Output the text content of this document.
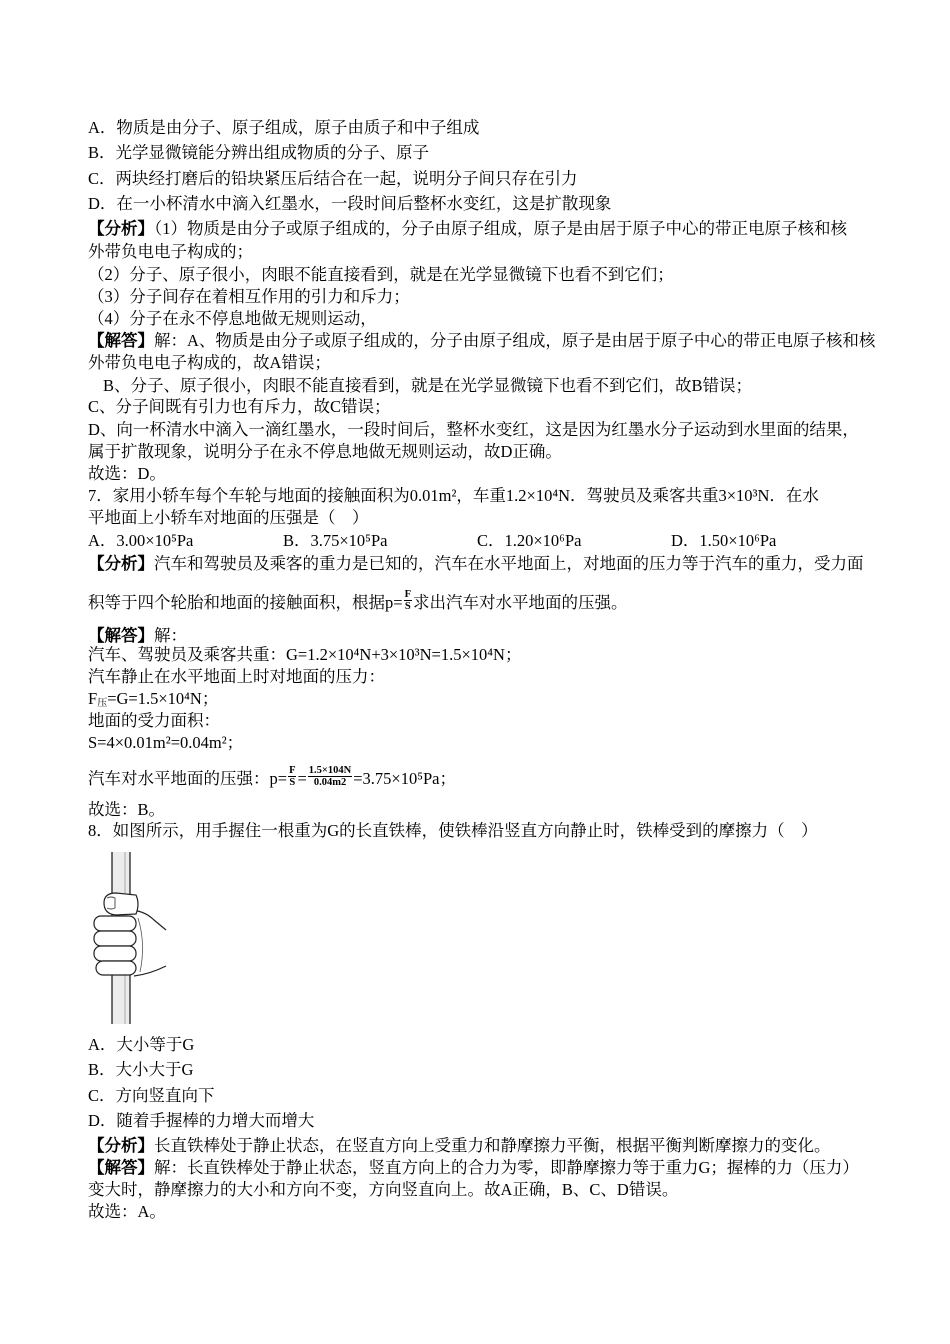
A．物质是由分子、原子组成，原子由质子和中子组成
B．光学显微镜能分辨出组成物质的分子、原子
C．两块经打磨后的铅块紧压后结合在一起，说明分子间只存在引力
D．在一小杯清水中滴入红墨水，一段时间后整杯水变红，这是扩散现象
【分析】（1）物质是由分子或原子组成的，分子由原子组成，原子是由居于原子中心的带正电原子核和核
外带负电电子构成的；
（2）分子、原子很小，肉眼不能直接看到，就是在光学显微镜下也看不到它们；
（3）分子间存在着相互作用的引力和斥力；
（4）分子在永不停息地做无规则运动，
【解答】解：A、物质是由分子或原子组成的，分子由原子组成，原子是由居于原子中心的带正电原子核和核
外带负电电子构成的，故A错误；
B、分子、原子很小，肉眼不能直接看到，就是在光学显微镜下也看不到它们，故B错误；
C、分子间既有引力也有斥力，故C错误；
D、向一杯清水中滴入一滴红墨水，一段时间后，整杯水变红，这是因为红墨水分子运动到水里面的结果，
属于扩散现象，说明分子在永不停息地做无规则运动，故D正确。
故选：D。
7．家用小轿车每个车轮与地面的接触面积为0.01m²，车重1.2×10⁴N．驾驶员及乘客共重3×10³N．在水
平地面上小轿车对地面的压强是（    ）
A．3.00×10⁵Pa	B．3.75×10⁵Pa	C．1.20×10⁶Pa	D．1.50×10⁶Pa
【分析】汽车和驾驶员及乘客的重力是已知的，汽车在水平地面上，对地面的压力等于汽车的重力，受力面
积等于四个轮胎和地面的接触面积，根据$p= \frac{F}{S}$ 求出汽车对水平地面的压强。
【解答】解：
汽车、驾驶员及乘客共重：G=1.2×10⁴N+3×10³N=1.5×10⁴N；
汽车静止在水平地面上时对地面的压力：
$F_压=G=1.5\times 10^4N$；
地面的受力面积：
S=4×0.01m²=0.04m²；
汽车对水平地面的压强：$p= \frac{F}{S} = \frac{1.5\times 104N}{0.04m2} =3.75\times 10^5Pa$；
故选：B。
8．如图所示，用手握住一根重为G的长直铁棒，使铁棒沿竖直方向静止时，铁棒受到的摩擦力（    ）
A．大小等于G
B．大小大于G
C．方向竖直向下
D．随着手握棒的力增大而增大
【分析】长直铁棒处于静止状态，在竖直方向上受重力和静摩擦力平衡，根据平衡判断摩擦力的变化。
【解答】解：长直铁棒处于静止状态，竖直方向上的合力为零，即静摩擦力等于重力G；握棒的力（压力）
变大时，静摩擦力的大小和方向不变，方向竖直向上。故A正确，B、C、D错误。
故选：A。
